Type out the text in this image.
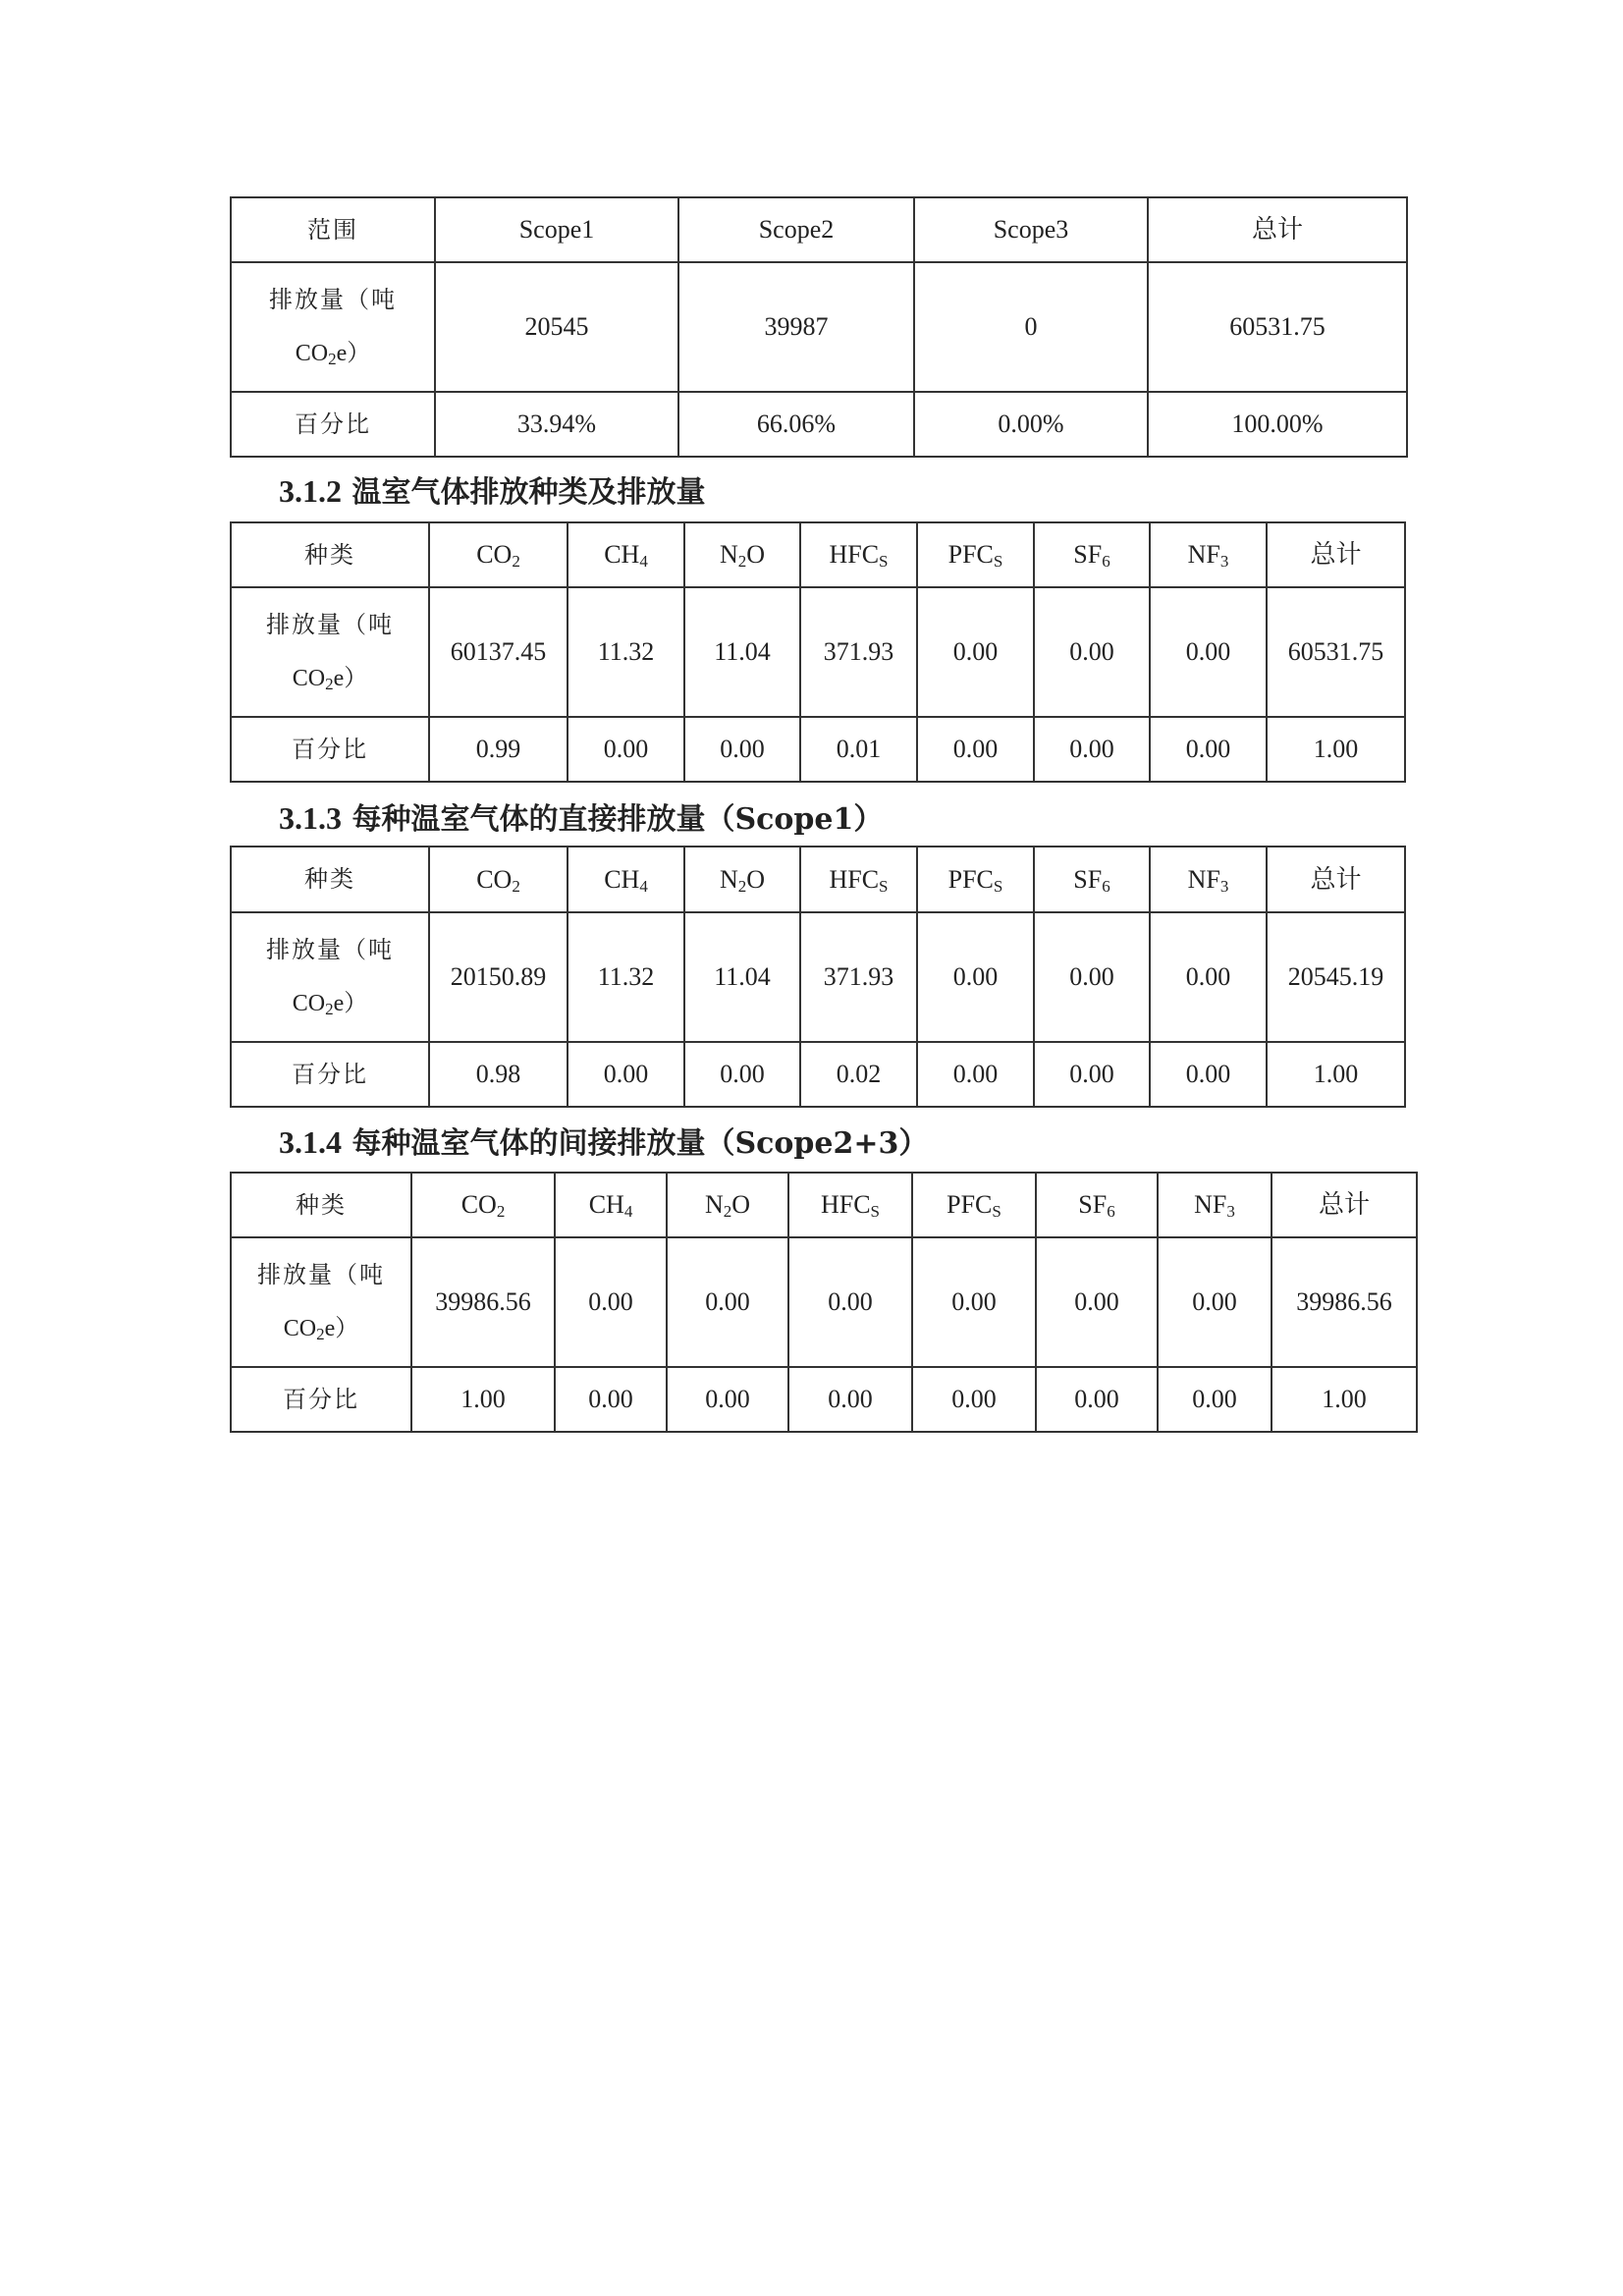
范围	Scope1	Scope2	Scope3	总计

排放量（吨
$CO_2e$）	20545	39987	0	60531.75
百分比	33.94%	66.06%	0.00%	100.00%
3.1.2 温室气体排放种类及排放量
种类	$CO_2$	$CH_4$	$N_2O$	$HFC_S$	$PFC_S$	$SF_6$	$NF_3$	总计

排放量（吨
$CO_2e$）	60137.45	11.32	11.04	371.93	0.00	0.00	0.00	60531.75
百分比	0.99	0.00	0.00	0.01	0.00	0.00	0.00	1.00
3.1.3 每种温室气体的直接排放量（Scope1）
种类	$CO_2$	$CH_4$	$N_2O$	$HFC_S$	$PFC_S$	$SF_6$	$NF_3$	总计

排放量（吨
$CO_2e$）	20150.89	11.32	11.04	371.93	0.00	0.00	0.00	20545.19
百分比	0.98	0.00	0.00	0.02	0.00	0.00	0.00	1.00
3.1.4 每种温室气体的间接排放量（Scope2+3）
种类	$CO_2$	$CH_4$	$N_2O$	$HFC_S$	$PFC_S$	$SF_6$	$NF_3$	总计

排放量（吨
$CO_2e$）	39986.56	0.00	0.00	0.00	0.00	0.00	0.00	39986.56
百分比	1.00	0.00	0.00	0.00	0.00	0.00	0.00	1.00
